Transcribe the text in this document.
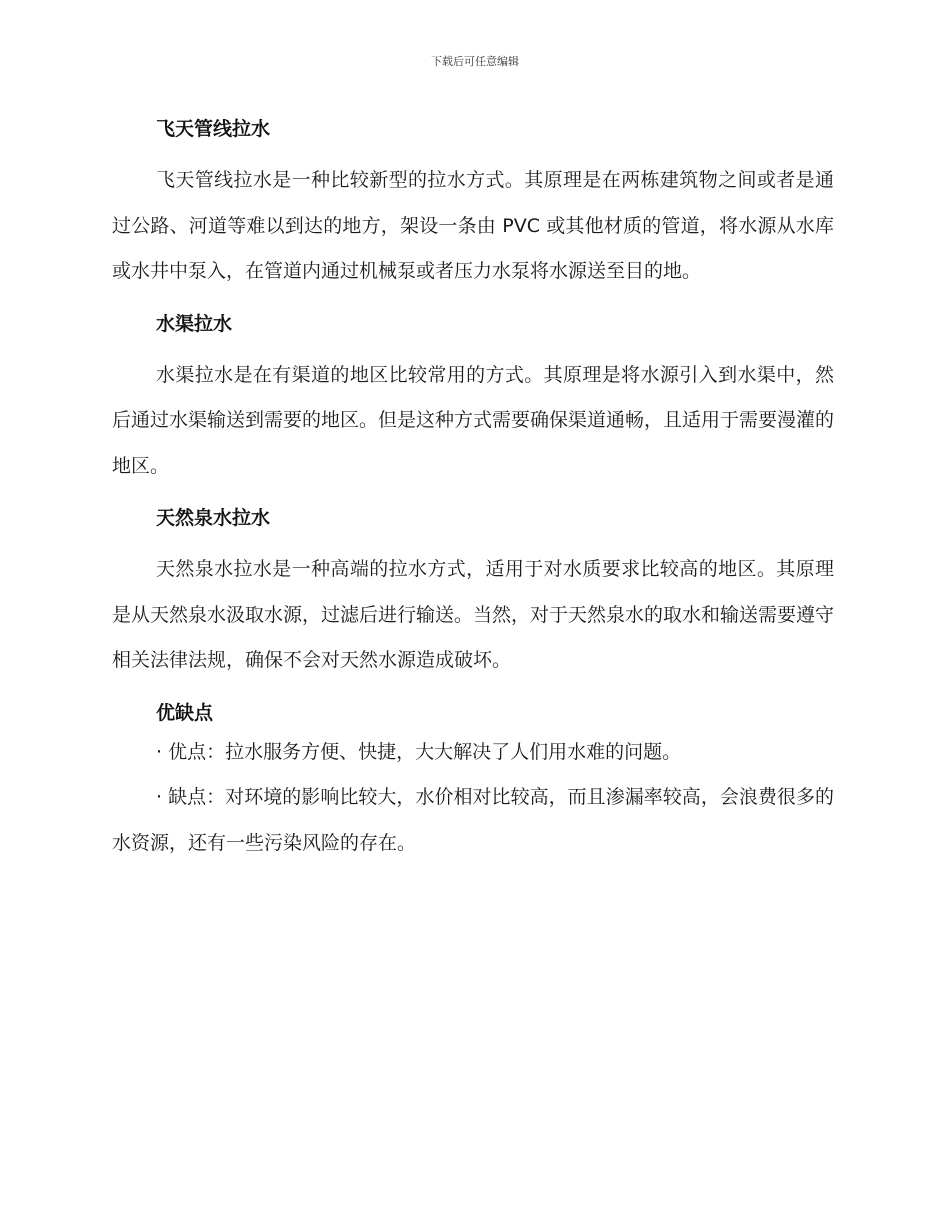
下载后可任意编辑

飞天管线拉水

飞天管线拉水是一种比较新型的拉水方式。其原理是在两栋建筑物之间或者是通过公路、河道等难以到达的地方，架设一条由 PVC 或其他材质的管道，将水源从水库或水井中泵入，在管道内通过机械泵或者压力水泵将水源送至目的地。

水渠拉水

水渠拉水是在有渠道的地区比较常用的方式。其原理是将水源引入到水渠中，然后通过水渠输送到需要的地区。但是这种方式需要确保渠道通畅，且适用于需要漫灌的地区。

天然泉水拉水

天然泉水拉水是一种高端的拉水方式，适用于对水质要求比较高的地区。其原理是从天然泉水汲取水源，过滤后进行输送。当然，对于天然泉水的取水和输送需要遵守相关法律法规，确保不会对天然水源造成破坏。

优缺点

· 优点：拉水服务方便、快捷，大大解决了人们用水难的问题。

· 缺点：对环境的影响比较大，水价相对比较高，而且渗漏率较高，会浪费很多的水资源，还有一些污染风险的存在。
